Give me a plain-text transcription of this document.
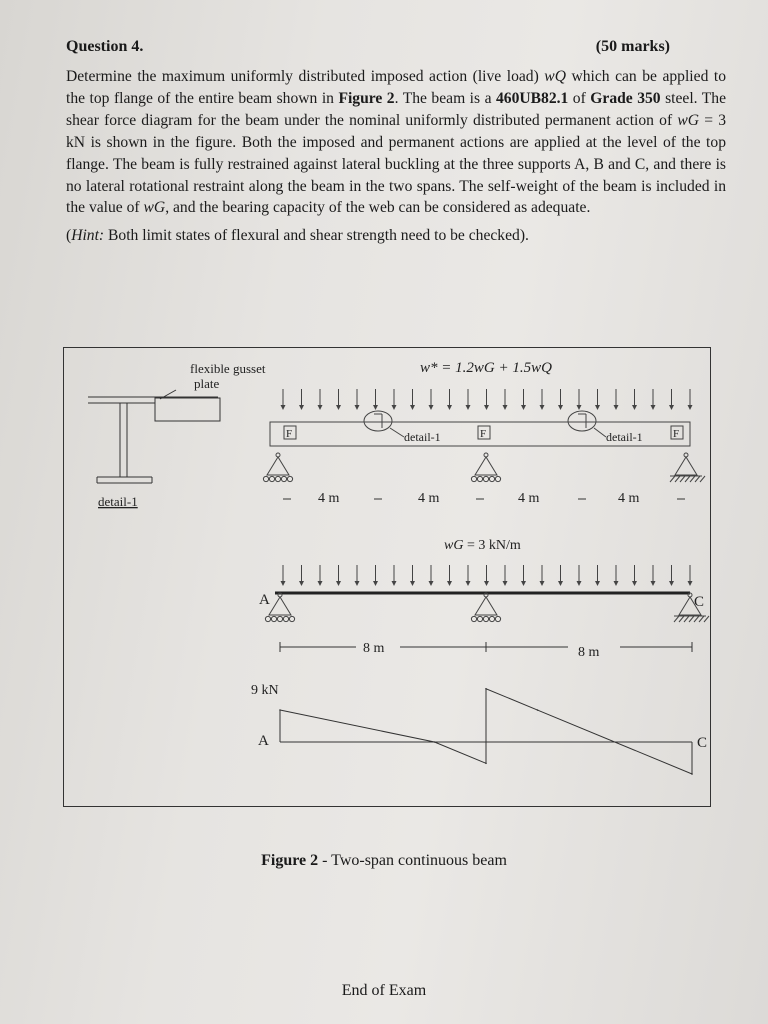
Question 4.	(50 marks)

Determine the maximum uniformly distributed imposed action (live load) wQ which can be applied to the top flange of the entire beam shown in Figure 2. The beam is a 460UB82.1 of Grade 350 steel. The shear force diagram for the beam under the nominal uniformly distributed permanent action of wG = 3 kN is shown in the figure. Both the imposed and permanent actions are applied at the level of the top flange. The beam is fully restrained against lateral buckling at the three supports A, B and C, and there is no lateral rotational restraint along the beam in the two spans. The self-weight of the beam is included in the value of wG, and the bearing capacity of the web can be considered as adequate.

(Hint: Both limit states of flexural and shear strength need to be checked).

flexible gusset
plate
detail-1
w* = 1.2wG + 1.5wQ
F	F	F
detail-1	detail-1
4 m	4 m	4 m	4 m
wG = 3 kN/m
A	C
8 m	8 m
9 kN
A	C
Figure 2 - Two-span continuous beam
End of Exam
